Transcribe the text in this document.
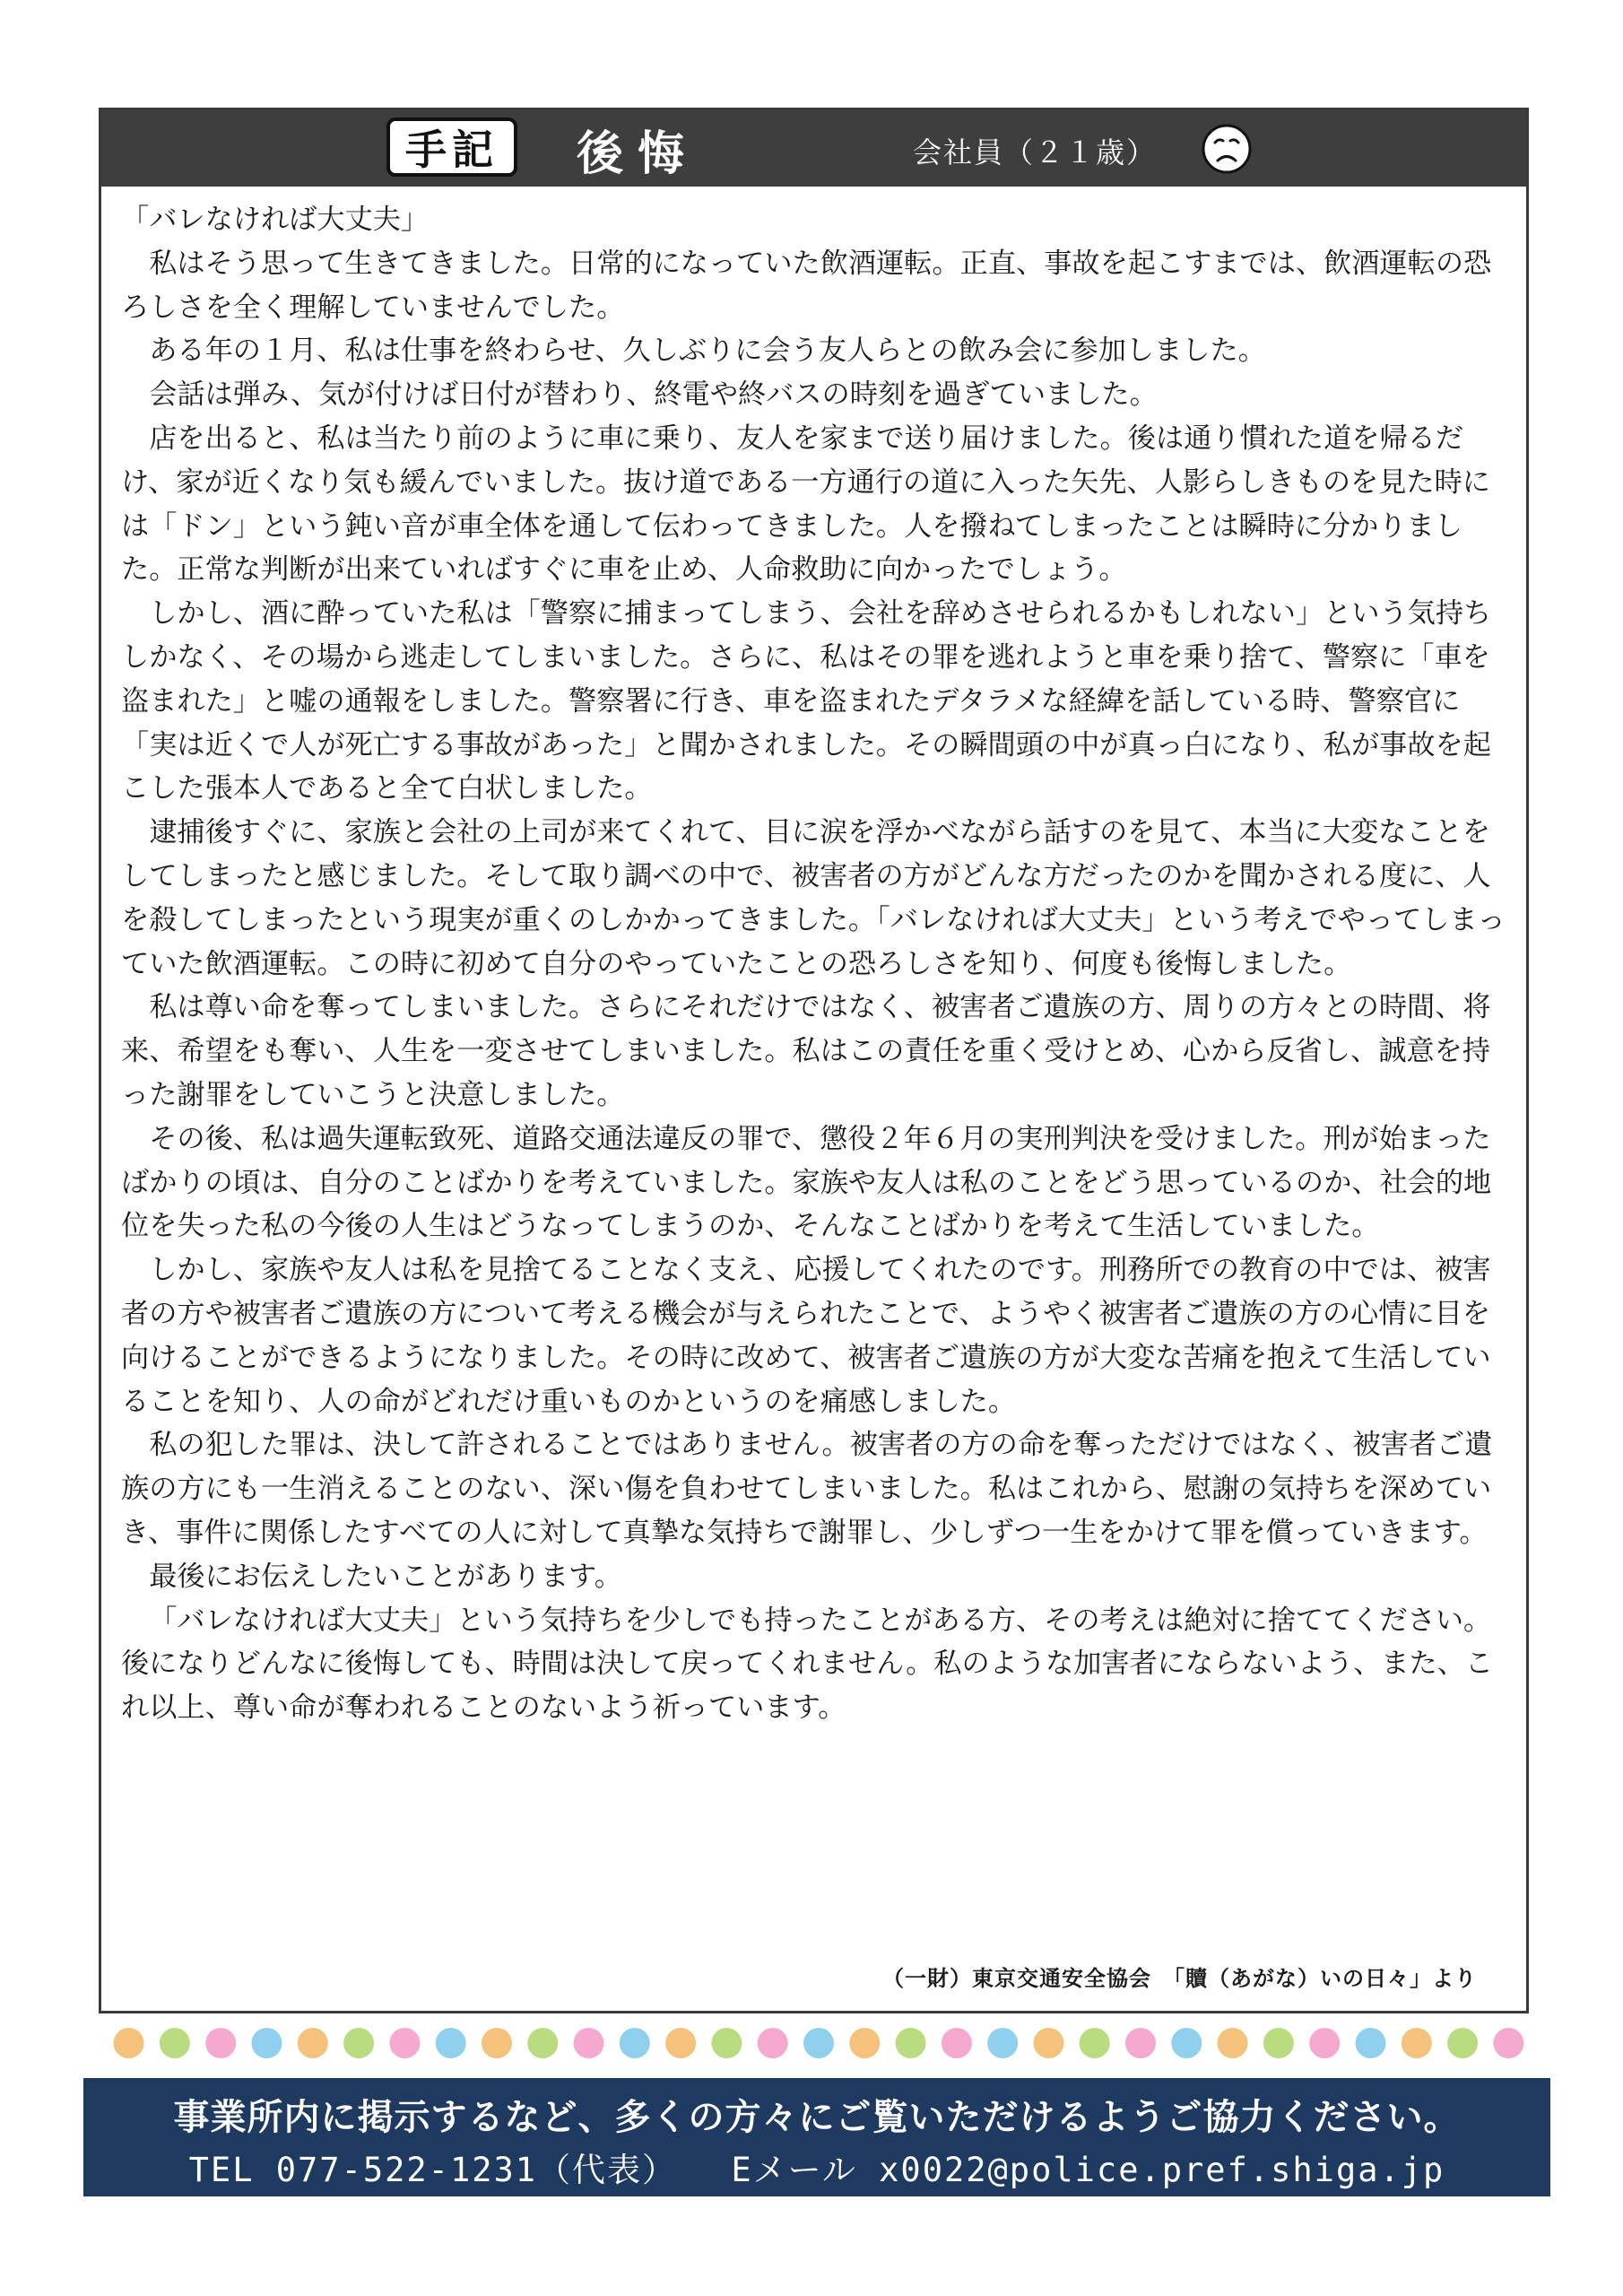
手記	後悔	会社員（２１歳）

「バレなければ大丈夫」

私はそう思って生きてきました。日常的になっていた飲酒運転。正直、事故を起こすまでは、飲酒運転の恐ろしさを全く理解していませんでした。

ある年の１月、私は仕事を終わらせ、久しぶりに会う友人らとの飲み会に参加しました。

会話は弾み、気が付けば日付が替わり、終電や終バスの時刻を過ぎていました。

店を出ると、私は当たり前のように車に乗り、友人を家まで送り届けました。後は通り慣れた道を帰るだけ、家が近くなり気も緩んでいました。抜け道である一方通行の道に入った矢先、人影らしきものを見た時には「ドン」という鈍い音が車全体を通して伝わってきました。人を撥ねてしまったことは瞬時に分かりました。正常な判断が出来ていればすぐに車を止め、人命救助に向かったでしょう。

しかし、酒に酔っていた私は「警察に捕まってしまう、会社を辞めさせられるかもしれない」という気持ちしかなく、その場から逃走してしまいました。さらに、私はその罪を逃れようと車を乗り捨て、警察に「車を盗まれた」と嘘の通報をしました。警察署に行き、車を盗まれたデタラメな経緯を話している時、警察官に「実は近くで人が死亡する事故があった」と聞かされました。その瞬間頭の中が真っ白になり、私が事故を起こした張本人であると全て白状しました。

逮捕後すぐに、家族と会社の上司が来てくれて、目に涙を浮かべながら話すのを見て、本当に大変なことをしてしまったと感じました。そして取り調べの中で、被害者の方がどんな方だったのかを聞かされる度に、人を殺してしまったという現実が重くのしかかってきました。「バレなければ大丈夫」という考えでやってしまっていた飲酒運転。この時に初めて自分のやっていたことの恐ろしさを知り、何度も後悔しました。

私は尊い命を奪ってしまいました。さらにそれだけではなく、被害者ご遺族の方、周りの方々との時間、将来、希望をも奪い、人生を一変させてしまいました。私はこの責任を重く受けとめ、心から反省し、誠意を持った謝罪をしていこうと決意しました。

その後、私は過失運転致死、道路交通法違反の罪で、懲役２年６月の実刑判決を受けました。刑が始まったばかりの頃は、自分のことばかりを考えていました。家族や友人は私のことをどう思っているのか、社会的地位を失った私の今後の人生はどうなってしまうのか、そんなことばかりを考えて生活していました。

しかし、家族や友人は私を見捨てることなく支え、応援してくれたのです。刑務所での教育の中では、被害者の方や被害者ご遺族の方について考える機会が与えられたことで、ようやく被害者ご遺族の方の心情に目を向けることができるようになりました。その時に改めて、被害者ご遺族の方が大変な苦痛を抱えて生活していることを知り、人の命がどれだけ重いものかというのを痛感しました。

私の犯した罪は、決して許されることではありません。被害者の方の命を奪っただけではなく、被害者ご遺族の方にも一生消えることのない、深い傷を負わせてしまいました。私はこれから、慰謝の気持ちを深めていき、事件に関係したすべての人に対して真摯な気持ちで謝罪し、少しずつ一生をかけて罪を償っていきます。

最後にお伝えしたいことがあります。

「バレなければ大丈夫」という気持ちを少しでも持ったことがある方、その考えは絶対に捨ててください。後になりどんなに後悔しても、時間は決して戻ってくれません。私のような加害者にならないよう、また、これ以上、尊い命が奪われることのないよう祈っています。

（一財）東京交通安全協会　「贖（あがな）いの日々」より
事業所内に掲示するなど、多くの方々にご覧いただけるようご協力ください。
TEL 077-522-1231（代表） Eメール x0022@police.pref.shiga.jp
